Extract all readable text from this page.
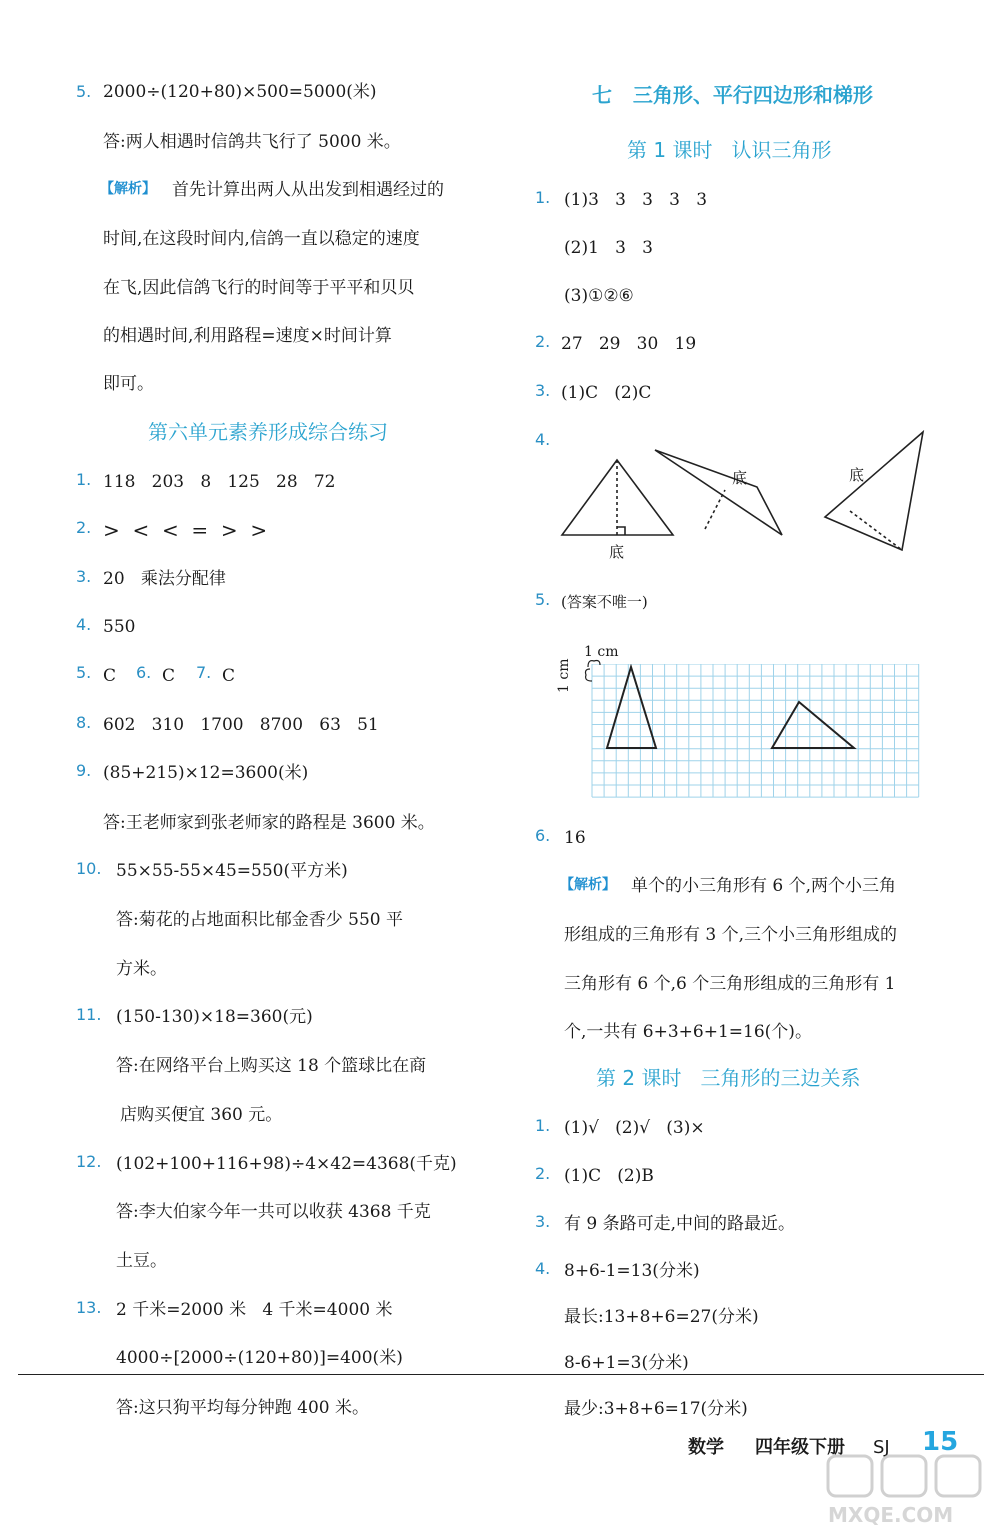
5. 2000÷(120+80)×500=5000(米)
答:两人相遇时信鸽共飞行了 5000 米。
【解析】 首先计算出两人从出发到相遇经过的
时间,在这段时间内,信鸽一直以稳定的速度
在飞,因此信鸽飞行的时间等于平平和贝贝
的相遇时间,利用路程=速度×时间计算
即可。
第六单元素养形成综合练习
1. 118   203   8   125   28   72
2. >  <  <  =  >  >
3. 20   乘法分配律
4. 550
5. C 6. C 7. C
8. 602   310   1700   8700   63   51
9. (85+215)×12=3600(米)
答:王老师家到张老师家的路程是 3600 米。
10. 55×55-55×45=550(平方米)
答:菊花的占地面积比郁金香少 550 平
方米。
11. (150-130)×18=360(元)
答:在网络平台上购买这 18 个篮球比在商
店购买便宜 360 元。
12. (102+100+116+98)÷4×42=4368(千克)
答:李大伯家今年一共可以收获 4368 千克
土豆。
13. 2 千米=2000 米   4 千米=4000 米
4000÷[2000÷(120+80)]=400(米)
答:这只狗平均每分钟跑 400 米。
七   三角形、平行四边形和梯形
第 1 课时   认识三角形
1. (1)3   3   3   3   3
(2)1   3   3
(3)①②⑥
2. 27   29   30   19
3. (1)C   (2)C
4.
底
底	底
5. (答案不唯一)
1 cm
1 cm
6. 16
【解析】 单个的小三角形有 6 个,两个小三角
形组成的三角形有 3 个,三个小三角形组成的
三角形有 6 个,6 个三角形组成的三角形有 1
个,一共有 6+3+6+1=16(个)。
第 2 课时   三角形的三边关系
1. (1)√   (2)√   (3)×
2. (1)C   (2)B
3. 有 9 条路可走,中间的路最近。
4. 8+6-1=13(分米)
最长:13+8+6=27(分米)
8-6+1=3(分米)
最少:3+8+6=17(分米)
数学 四年级下册 SJ 15
MXQE.COM
